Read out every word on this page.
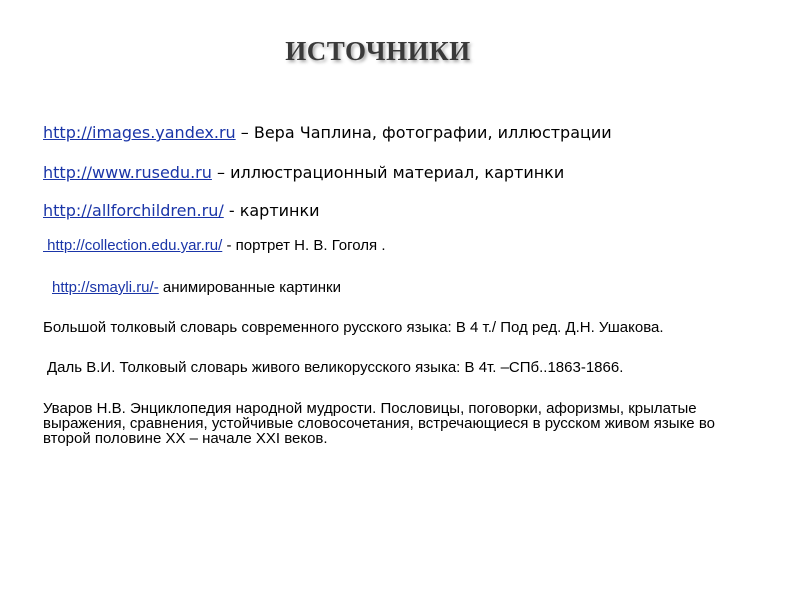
ИСТОЧНИКИ
http://images.yandex.ru – Вера Чаплина, фотографии, иллюстрации
http://www.rusedu.ru – иллюстрационный материал, картинки
http://allforchildren.ru/ - картинки
http://collection.edu.yar.ru/ - портрет Н. В. Гоголя .
http://smayli.ru/- анимированные картинки
Большой толковый словарь современного русского языка: В 4 т./ Под ред. Д.Н. Ушакова.
Даль В.И. Толковый словарь живого великорусского языка: В 4т. –СПб..1863-1866.
Уваров Н.В. Энциклопедия народной мудрости. Пословицы, поговорки, афоризмы, крылатые выражения, сравнения, устойчивые словосочетания, встречающиеся в русском живом языке во второй половине XX – начале XXI веков.
